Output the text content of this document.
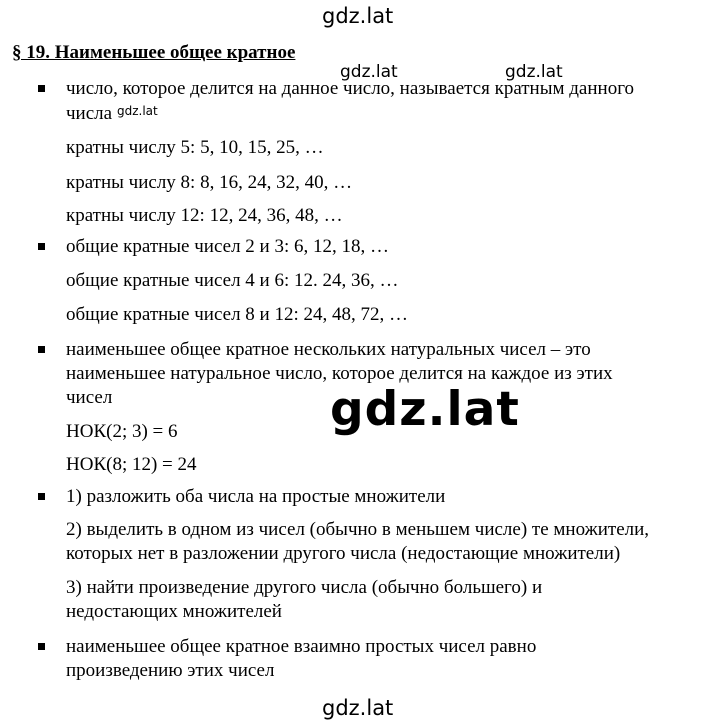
gdz.lat
§ 19. Наименьшее общее кратное
gdz.lat	gdz.lat
число, которое делится на данное число, называется кратным данного
числа gdz.lat
кратны числу 5: 5, 10, 15, 25, …
кратны числу 8: 8, 16, 24, 32, 40, …
кратны числу 12: 12, 24, 36, 48, …
общие кратные чисел 2 и 3: 6, 12, 18, …
общие кратные чисел 4 и 6: 12. 24, 36, …
общие кратные чисел 8 и 12: 24, 48, 72, …
наименьшее общее кратное нескольких натуральных чисел – это
наименьшее натуральное число, которое делится на каждое из этих
чисел	gdz.lat
НОК(2; 3) = 6
НОК(8; 12) = 24
1) разложить оба числа на простые множители
2) выделить в одном из чисел (обычно в меньшем числе) те множители,
которых нет в разложении другого числа (недостающие множители)
3) найти произведение другого числа (обычно большего) и
недостающих множителей
наименьшее общее кратное взаимно простых чисел равно
произведению этих чисел
gdz.lat
